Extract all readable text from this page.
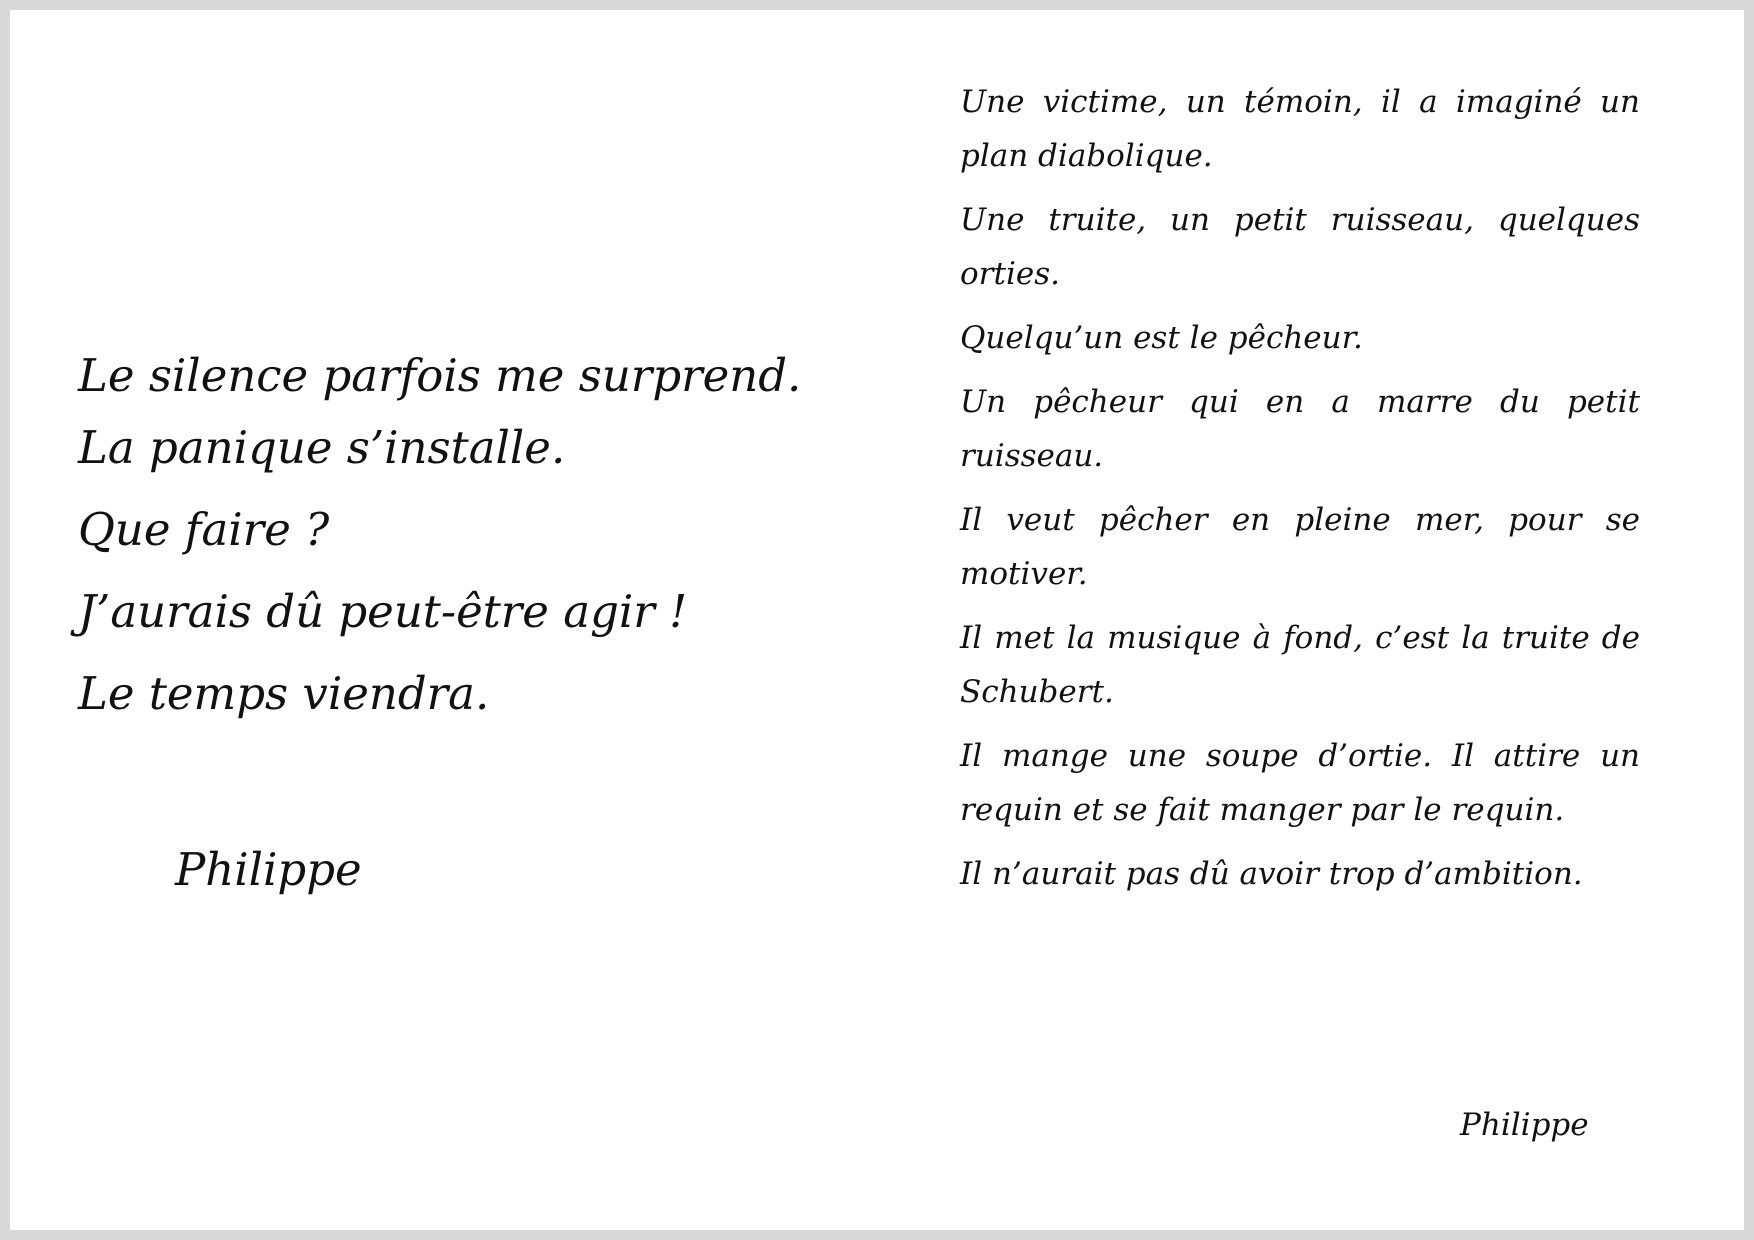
Le silence parfois me surprend.
La panique s’installe.
Que faire ?
J’aurais dû peut-être agir !
Le temps viendra.
Philippe

Une victime, un témoin, il a imaginé un plan diabolique.

Une truite, un petit ruisseau, quelques orties.

Quelqu’un est le pêcheur.

Un pêcheur qui en a marre du petit ruisseau.

Il veut pêcher en pleine mer, pour se motiver.

Il met la musique à fond, c’est la truite de Schubert.

Il mange une soupe d’ortie. Il attire un requin et se fait manger par le requin.

Il n’aurait pas dû avoir trop d’ambition.

Philippe
